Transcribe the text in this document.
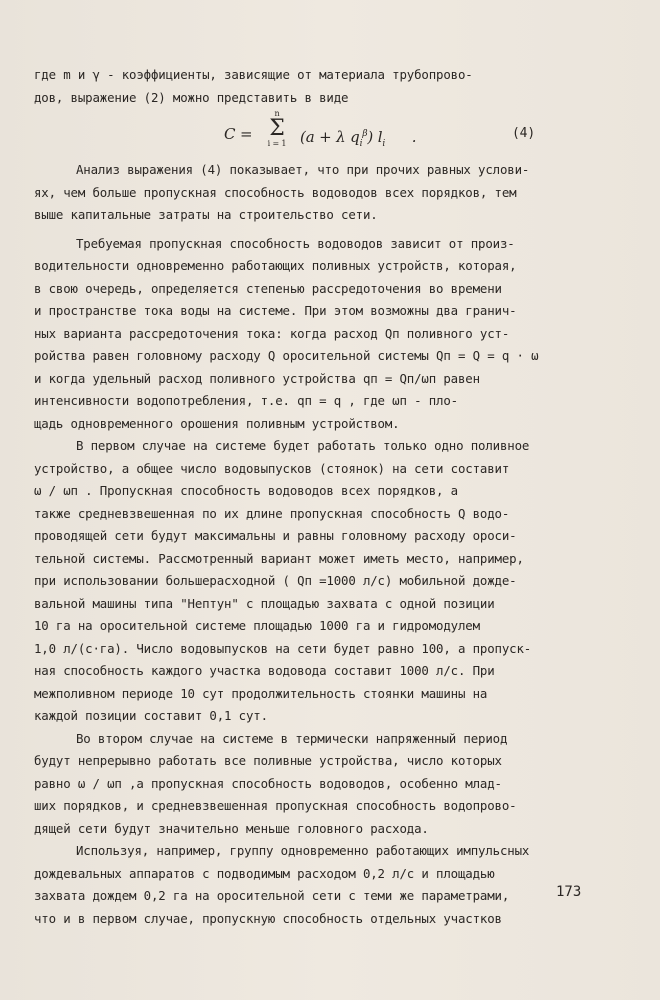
где m и γ - коэффициенты, зависящие от материала трубопрово-
дов, выражение (2) можно представить в виде
C =
n
Σ
i = 1 (a + λ $q_i^\beta$) $l_i$ .	(4)
Анализ выражения (4) показывает, что при прочих равных услови-
ях, чем больше пропускная способность водоводов всех порядков, тем
выше капитальные затраты на строительство сети.
Требуемая пропускная способность водоводов зависит от произ-
водительности одновременно работающих поливных устройств, которая,
в свою очередь, определяется степенью рассредоточения во времени
и пространстве тока воды на системе. При этом возможны два гранич-
ных варианта рассредоточения тока: когда расход Qп поливного уст-
ройства равен головному расходу Q оросительной системы Qп = Q = q · ω
и когда удельный расход поливного устройства qп = Qп/ωп равен
интенсивности водопотребления, т.е. qп = q , где ωп - пло-
щадь одновременного орошения поливным устройством.
В первом случае на системе будет работать только одно поливное
устройство, а общее число водовыпусков (стоянок) на сети составит
ω / ωп . Пропускная способность водоводов всех порядков, а
также средневзвешенная по их длине пропускная способность Q водо-
проводящей сети будут максимальны и равны головному расходу ороси-
тельной системы. Рассмотренный вариант может иметь место, например,
при использовании большерасходной ( Qп =1000 л/с) мобильной дожде-
вальной машины типа "Нептун" с площадью захвата с одной позиции
10 га на оросительной системе площадью 1000 га и гидромодулем
1,0 л/(с·га). Число водовыпусков на сети будет равно 100, а пропуск-
ная способность каждого участка водовода составит 1000 л/с. При
межполивном периоде 10 сут продолжительность стоянки машины на
каждой позиции составит 0,1 сут.
Во втором случае на системе в термически напряженный период
будут непрерывно работать все поливные устройства, число которых
равно ω / ωп ,а пропускная способность водоводов, особенно млад-
ших порядков, и средневзвешенная пропускная способность водопрово-
дящей сети будут значительно меньше головного расхода.
Используя, например, группу одновременно работающих импульсных
дождевальных аппаратов с подводимым расходом 0,2 л/с и площадью
захвата дождем 0,2 га на оросительной сети с теми же параметрами,
что и в первом случае, пропускную способность отдельных участков
173
